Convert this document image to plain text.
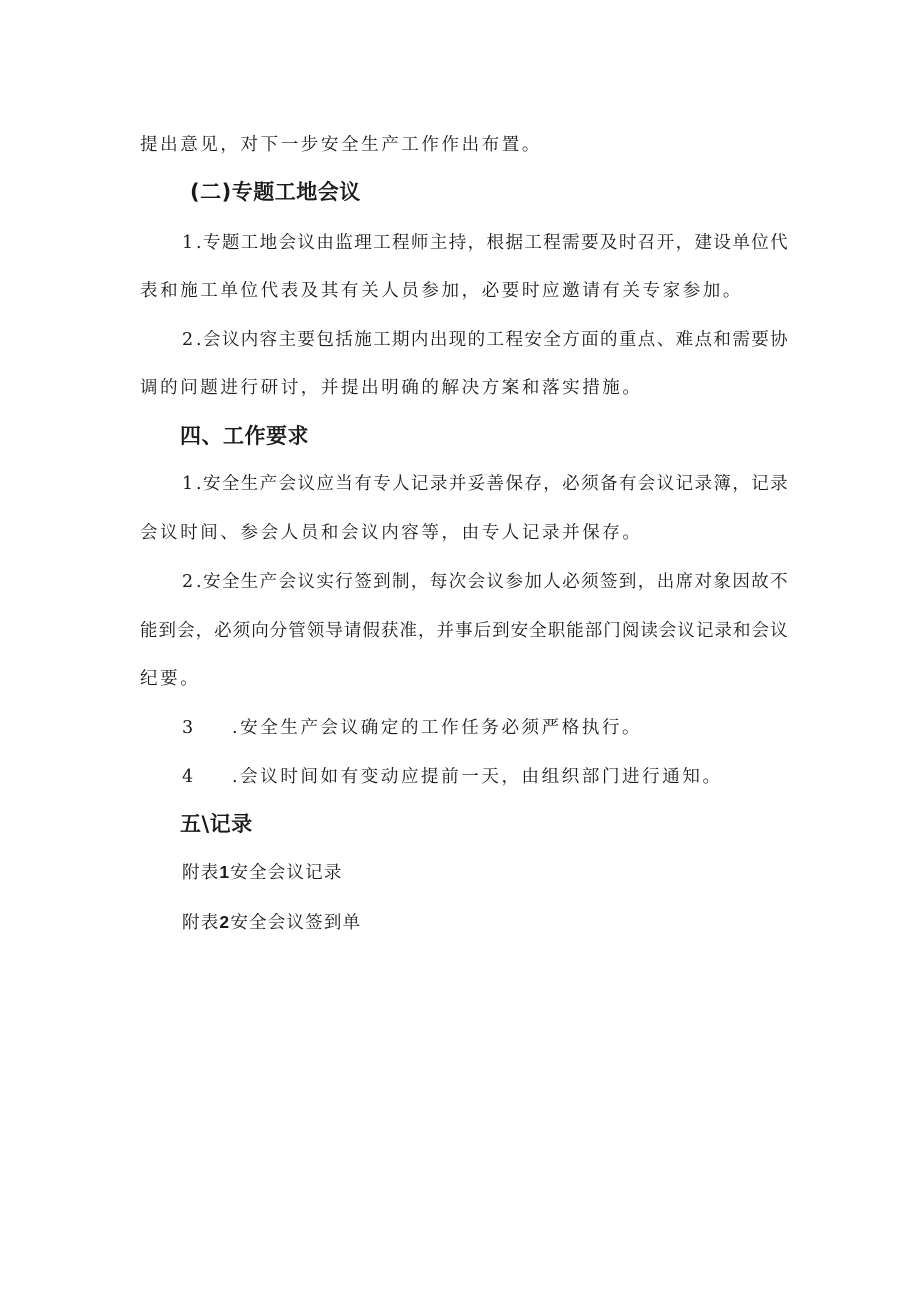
提出意见，对下一步安全生产工作作出布置。
(二)专题工地会议
1 . 专 题 工 地 会 议 由 监 理 工 程 师 主 持 ， 根 据 工 程 需 要 及 时 召 开 ， 建 设 单 位 代
表和施工单位代表及其有关人员参加，必要时应邀请有关专家参加。
2 . 会 议 内 容 主 要 包 括 施 工 期 内 出 现 的 工 程 安 全 方 面 的 重 点 、 难 点 和 需 要 协
调的问题进行研讨，并提出明确的解决方案和落实措施。
四、工作要求
1 . 安 全 生 产 会 议 应 当 有 专 人 记 录 并 妥 善 保 存 ， 必 须 备 有 会 议 记 录 簿 ， 记 录
会议时间、参会人员和会议内容等，由专人记录并保存。
2 . 安 全 生 产 会 议 实 行 签 到 制 ， 每 次 会 议 参 加 人 必 须 签 到 ， 出 席 对 象 因 故 不
能 到 会 ， 必 须 向 分 管 领 导 请 假 获 准 ， 并 事 后 到 安 全 职 能 部 门 阅 读 会 议 记 录 和 会 议
纪要。
3 .安全生产会议确定的工作任务必须严格执行。
4 .会议时间如有变动应提前一天，由组织部门进行通知。
五\记录
附表1安全会议记录
附表2安全会议签到单
